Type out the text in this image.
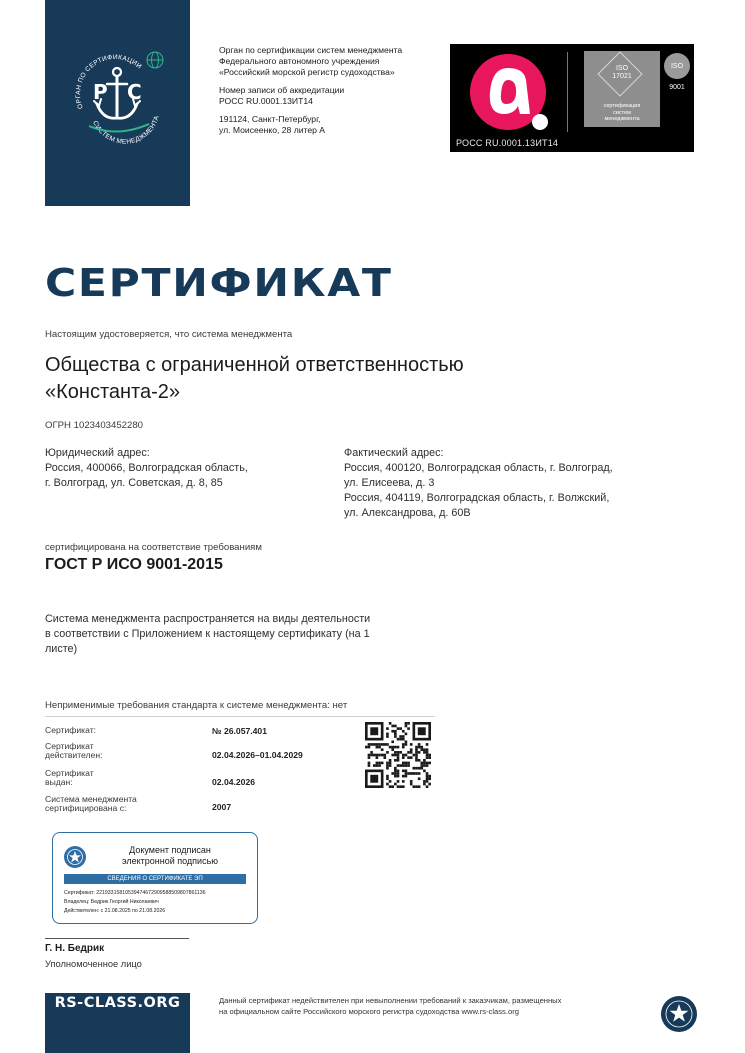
ОРГАН ПО СЕРТИФИКАЦИИ
СИСТЕМ МЕНЕДЖМЕНТА
Р С

Орган по сертификации систем менеджмента
Федерального автономного учреждения
«Российский морской регистр судоходства»

Номер записи об аккредитации
РОСС RU.0001.13ИТ14

191124, Санкт-Петербург,
ул. Моисеенко, 28 литер А

ISO
17021
сертификация
систем
менеджмента
ISO

9001
РОСС RU.0001.13ИТ14
СЕРТИФИКАТ
Настоящим удостоверяется, что система менеджмента
Общества с ограниченной ответственностью
«Константа-2»
ОГРН 1023403452280
Юридический адрес:
Россия, 400066, Волгоградская область,
г. Волгоград, ул. Советская, д. 8, 85
Фактический адрес:
Россия, 400120, Волгоградская область, г. Волгоград,
ул. Елисеева, д. 3
Россия, 404119, Волгоградская область, г. Волжский,
ул. Александрова, д. 60В
сертифицирована на соответствие требованиям
ГОСТ Р ИСО 9001-2015
Система менеджмента распространяется на виды деятельности
в соответствии с Приложением к настоящему сертификату (на 1
листе)
Неприменимые требования стандарта к системе менеджмента: нет
Сертификат:	№ 26.057.401
Сертификат
действителен:	02.04.2026–01.04.2029
Сертификат
выдан:	02.04.2026
Система менеджмента
сертифицирована с:	2007
Документ подписан
электронной подписью
СВЕДЕНИЯ О СЕРТИФИКАТЕ ЭП
Сертификат: 22193315810539474672909588509807861136
Владелец: Бедрик Георгий Николаевич
Действителен: с 21.08.2025 по 21.08.2026
Г. Н. Бедрик
Уполномоченное лицо
RS-CLASS.ORG	Данный сертификат недействителен при невыполнении требований к заказчикам, размещенных
на официальном сайте Российского морского регистра судоходства www.rs-class.org
